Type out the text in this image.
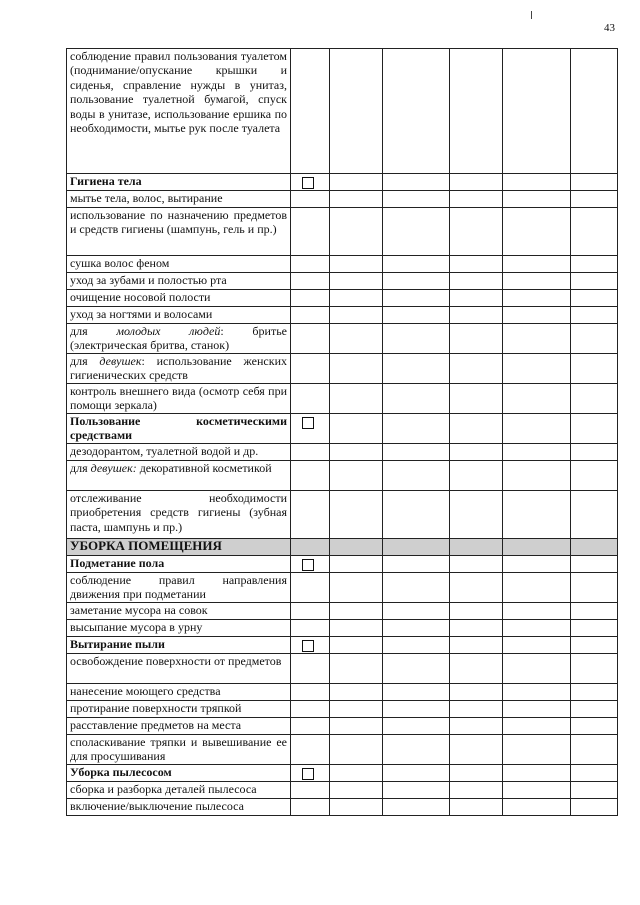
43
соблюдение правил пользования туалетом (поднимание/опускание крышки и сиденья, справление нужды в унитаз, пользование туалетной бумагой, спуск воды в унитазе, использование ершика по необходимости, мытье рук после туалета						
Гигиена тела	

мытье тела, волос, вытирание						
использование по назначению предметов и средств гигиены (шампунь, гель и пр.)						
сушка волос феном						
уход за зубами и полостью рта						
очищение носовой полости						
уход за ногтями и волосами						
для молодых людей: бритье (электрическая бритва, станок)						
для девушек: использование женских гигиенических средств						
контроль внешнего вида (осмотр себя при помощи зеркала)						
Пользование косметическими средствами	

дезодорантом, туалетной водой и др.						
для девушек: декоративной косметикой						
отслеживание необходимости приобретения средств гигиены (зубная паста, шампунь и пр.)						
УБОРКА ПОМЕЩЕНИЯ						
Подметание пола	

соблюдение правил направления движения при подметании						
заметание мусора на совок						
высыпание мусора в урну						
Вытирание пыли	

освобождение поверхности от предметов						
нанесение моющего средства						
протирание поверхности тряпкой						
расставление предметов на места						
споласкивание тряпки и вывешивание ее для просушивания						
Уборка пылесосом	

сборка и разборка деталей пылесоса						
включение/выключение пылесоса						
